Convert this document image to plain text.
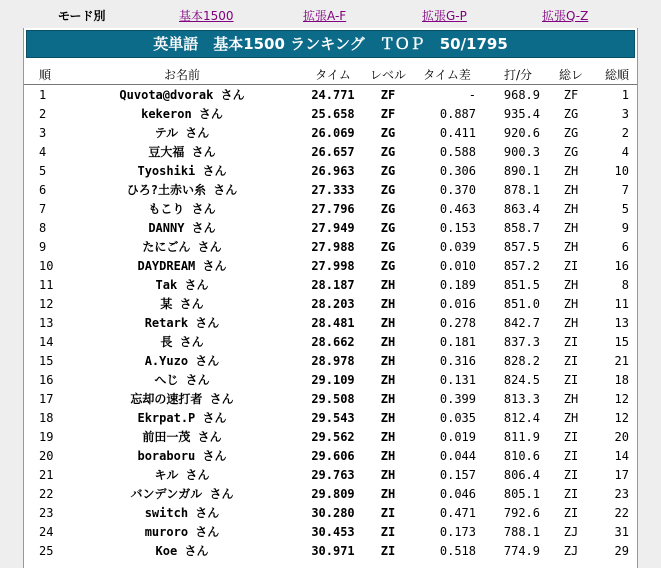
モード別	基本1500	拡張A-F	拡張G-P	拡張Q-Z
英単語　基本1500 ランキング　ＴＯＰ　50/1795
順	お名前	タイム	レベル	タイム差	打/分	総レ	総順
1	Quvota@dvorak さん	24.771	ZF	-	968.9	ZF	1
2	kekeron さん	25.658	ZF	0.887	935.4	ZG	3
3	テル さん	26.069	ZG	0.411	920.6	ZG	2
4	豆大福 さん	26.657	ZG	0.588	900.3	ZG	4
5	Tyoshiki さん	26.963	ZG	0.306	890.1	ZH	10
6	ひろ?土赤い糸 さん	27.333	ZG	0.370	878.1	ZH	7
7	もこり さん	27.796	ZG	0.463	863.4	ZH	5
8	DANNY さん	27.949	ZG	0.153	858.7	ZH	9
9	たにごん さん	27.988	ZG	0.039	857.5	ZH	6
10	DAYDREAM さん	27.998	ZG	0.010	857.2	ZI	16
11	Tak さん	28.187	ZH	0.189	851.5	ZH	8
12	某 さん	28.203	ZH	0.016	851.0	ZH	11
13	Retark さん	28.481	ZH	0.278	842.7	ZH	13
14	長 さん	28.662	ZH	0.181	837.3	ZI	15
15	A.Yuzo さん	28.978	ZH	0.316	828.2	ZI	21
16	へじ さん	29.109	ZH	0.131	824.5	ZI	18
17	忘却の速打者 さん	29.508	ZH	0.399	813.3	ZH	12
18	Ekrpat.P さん	29.543	ZH	0.035	812.4	ZH	12
19	前田一茂 さん	29.562	ZH	0.019	811.9	ZI	20
20	boraboru さん	29.606	ZH	0.044	810.6	ZI	14
21	キル さん	29.763	ZH	0.157	806.4	ZI	17
22	バンデンガル さん	29.809	ZH	0.046	805.1	ZI	23
23	switch さん	30.280	ZI	0.471	792.6	ZI	22
24	muroro さん	30.453	ZI	0.173	788.1	ZJ	31
25	Koe さん	30.971	ZI	0.518	774.9	ZJ	29
